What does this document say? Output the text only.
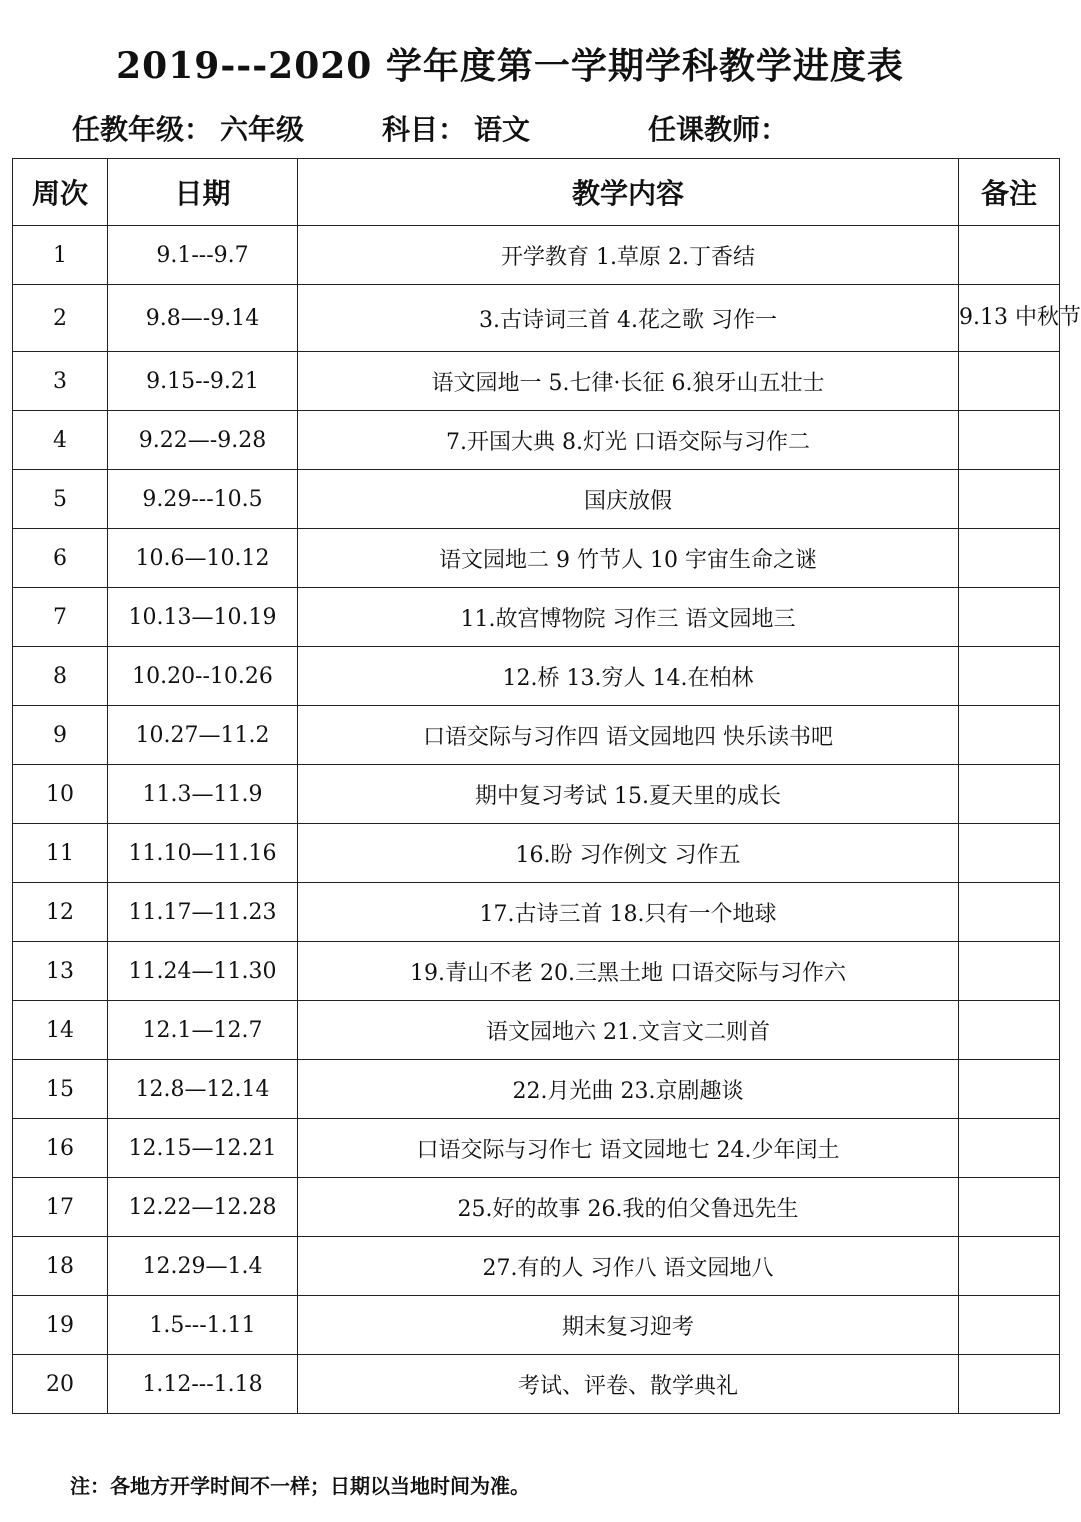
2019---2020 学年度第一学期学科教学进度表
任教年级： 六年级	科目： 语文	任课教师：
周次	日期	教学内容	备注
1	9.1---9.7	开学教育 1.草原 2.丁香结	
2	9.8—-9.14	3.古诗词三首 4.花之歌 习作一	9.13 中秋节
3	9.15--9.21	语文园地一 5.七律·长征 6.狼牙山五壮士	
4	9.22—-9.28	7.开国大典 8.灯光 口语交际与习作二	
5	9.29---10.5	国庆放假	
6	10.6—10.12	语文园地二 9 竹节人 10 宇宙生命之谜	
7	10.13—10.19	11.故宫博物院 习作三 语文园地三	
8	10.20--10.26	12.桥 13.穷人 14.在柏林	
9	10.27—11.2	口语交际与习作四 语文园地四 快乐读书吧	
10	11.3—11.9	期中复习考试 15.夏天里的成长	
11	11.10—11.16	16.盼 习作例文 习作五	
12	11.17—11.23	17.古诗三首 18.只有一个地球	
13	11.24—11.30	19.青山不老 20.三黑土地 口语交际与习作六	
14	12.1—12.7	语文园地六 21.文言文二则首	
15	12.8—12.14	22.月光曲 23.京剧趣谈	
16	12.15—12.21	口语交际与习作七 语文园地七 24.少年闰土	
17	12.22—12.28	25.好的故事 26.我的伯父鲁迅先生	
18	12.29—1.4	27.有的人 习作八 语文园地八	
19	1.5---1.11	期末复习迎考	
20	1.12---1.18	考试、评卷、散学典礼	
注：各地方开学时间不一样；日期以当地时间为准。
